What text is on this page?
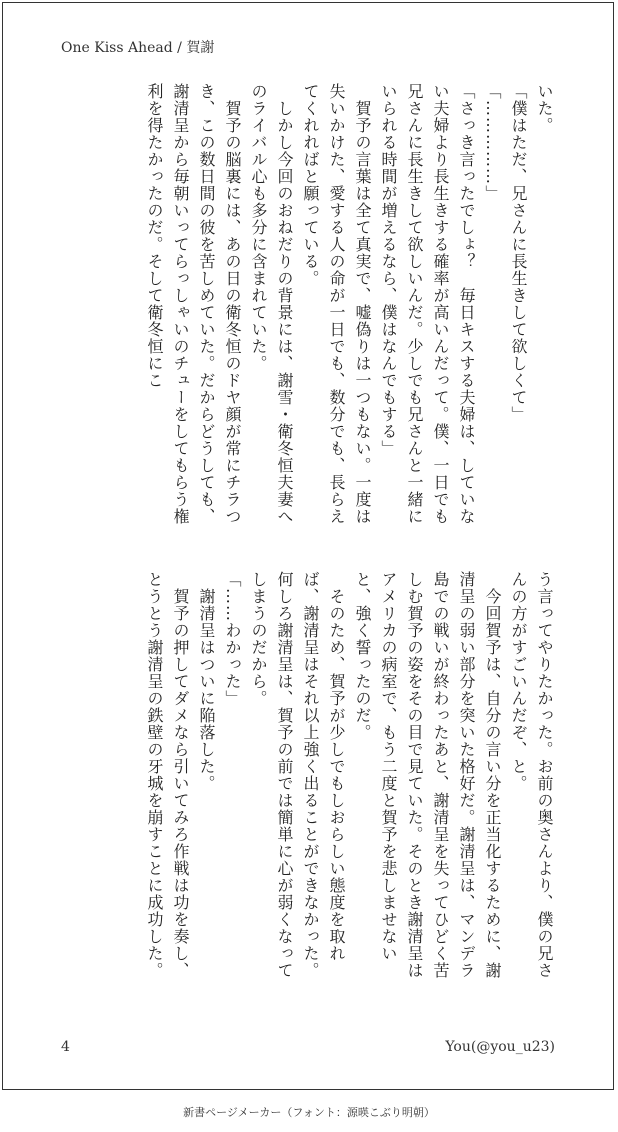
One Kiss Ahead / 賀謝

いた。

「僕はただ、兄さんに長生きして欲しくて」

「……………」

「さっき言ったでしょ？　毎日キスする夫婦は、していない夫婦より長生きする確率が高いんだって。僕、一日でも兄さんに長生きして欲しいんだ。少しでも兄さんと一緒にいられる時間が増えるなら、僕はなんでもする」

　賀予の言葉は全て真実で、嘘偽りは一つもない。一度は失いかけた、愛する人の命が一日でも、数分でも、長らえてくれればと願っている。

　しかし今回のおねだりの背景には、謝雪・衛冬恒夫妻へのライバル心も多分に含まれていた。

　賀予の脳裏には、あの日の衛冬恒のドヤ顔が常にチラつき、この数日間の彼を苦しめていた。だからどうしても、謝清呈から毎朝いってらっしゃいのチューをしてもらう権利を得たかったのだ。そして衛冬恒にこ

う言ってやりたかった。お前の奥さんより、僕の兄さんの方がすごいんだぞ、と。

　今回賀予は、自分の言い分を正当化するために、謝清呈の弱い部分を突いた格好だ。謝清呈は、マンデラ島での戦いが終わったあと、謝清呈を失ってひどく苦しむ賀予の姿をその目で見ていた。そのとき謝清呈はアメリカの病室で、もう二度と賀予を悲しませないと、強く誓ったのだ。

　そのため、賀予が少しでもしおらしい態度を取れば、謝清呈はそれ以上強く出ることができなかった。何しろ謝清呈は、賀予の前では簡単に心が弱くなってしまうのだから。

「……わかった」

　謝清呈はついに陥落した。

　賀予の押してダメなら引いてみろ作戦は功を奏し、とうとう謝清呈の鉄壁の牙城を崩すことに成功した。

4	You(@you_u23)
新書ページメーカー（フォント：源暎こぶり明朝）
